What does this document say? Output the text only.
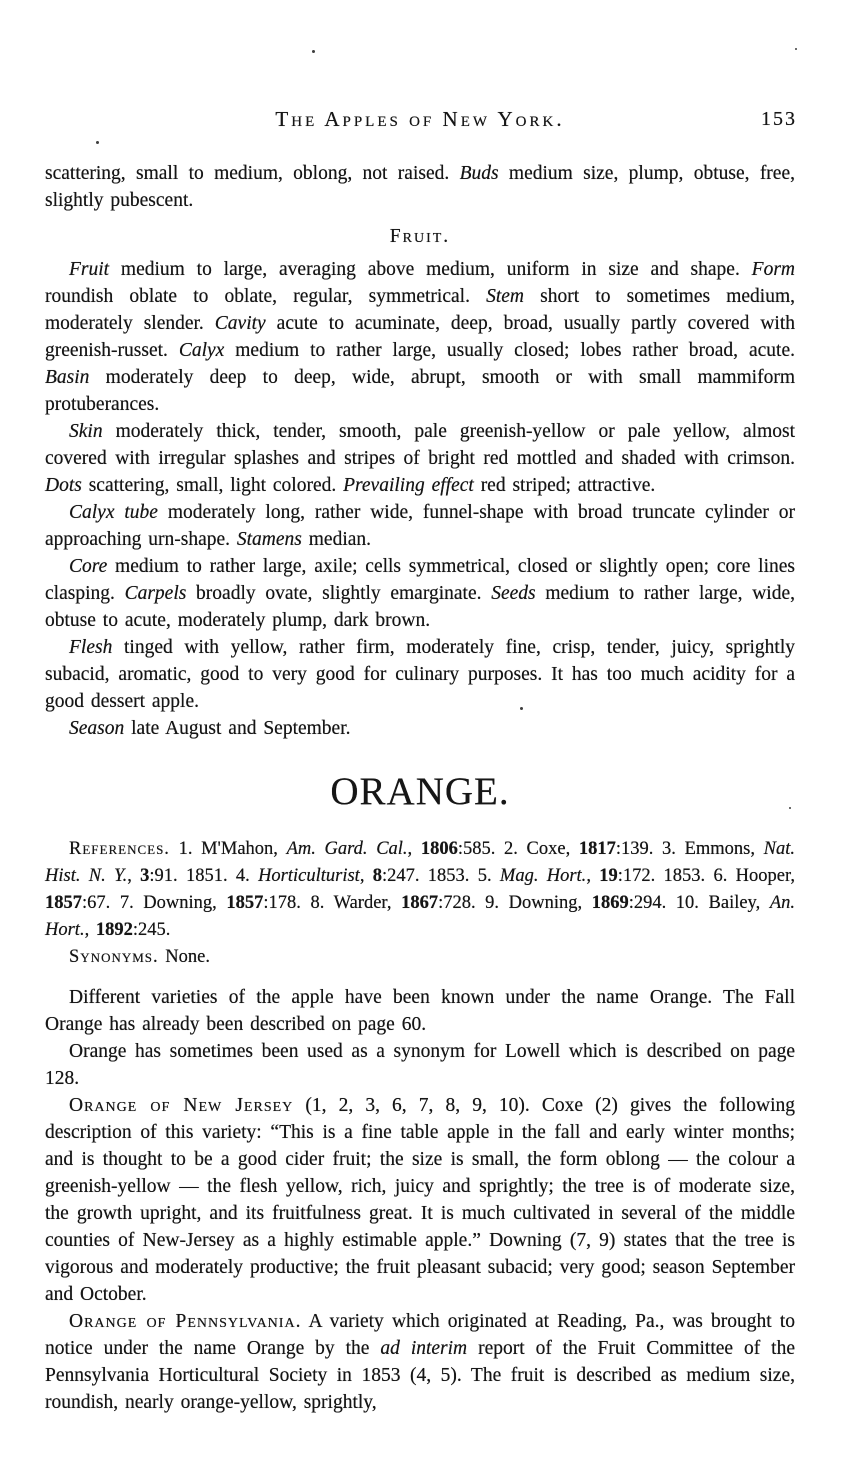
The Apples of New York.	153

scattering, small to medium, oblong, not raised. Buds medium size, plump, obtuse, free, slightly pubescent.

Fruit.

Fruit medium to large, averaging above medium, uniform in size and shape. Form roundish oblate to oblate, regular, symmetrical. Stem short to sometimes medium, moderately slender. Cavity acute to acuminate, deep, broad, usually partly covered with greenish-russet. Calyx medium to rather large, usually closed; lobes rather broad, acute. Basin moderately deep to deep, wide, abrupt, smooth or with small mammiform protuberances.

Skin moderately thick, tender, smooth, pale greenish-yellow or pale yellow, almost covered with irregular splashes and stripes of bright red mottled and shaded with crimson. Dots scattering, small, light colored. Prevailing effect red striped; attractive.

Calyx tube moderately long, rather wide, funnel-shape with broad truncate cylinder or approaching urn-shape. Stamens median.

Core medium to rather large, axile; cells symmetrical, closed or slightly open; core lines clasping. Carpels broadly ovate, slightly emarginate. Seeds medium to rather large, wide, obtuse to acute, moderately plump, dark brown.

Flesh tinged with yellow, rather firm, moderately fine, crisp, tender, juicy, sprightly subacid, aromatic, good to very good for culinary purposes. It has too much acidity for a good dessert apple.

Season late August and September.

ORANGE.

References. 1. M'Mahon, Am. Gard. Cal., 1806:585. 2. Coxe, 1817:139. 3. Emmons, Nat. Hist. N. Y., 3:91. 1851. 4. Horticulturist, 8:247. 1853. 5. Mag. Hort., 19:172. 1853. 6. Hooper, 1857:67. 7. Downing, 1857:178. 8. Warder, 1867:728. 9. Downing, 1869:294. 10. Bailey, An. Hort., 1892:245.

Synonyms. None.

Different varieties of the apple have been known under the name Orange. The Fall Orange has already been described on page 60.

Orange has sometimes been used as a synonym for Lowell which is described on page 128.

Orange of New Jersey (1, 2, 3, 6, 7, 8, 9, 10). Coxe (2) gives the following description of this variety: “This is a fine table apple in the fall and early winter months; and is thought to be a good cider fruit; the size is small, the form oblong — the colour a greenish-yellow — the flesh yellow, rich, juicy and sprightly; the tree is of moderate size, the growth upright, and its fruitfulness great. It is much cultivated in several of the middle counties of New-Jersey as a highly estimable apple.” Downing (7, 9) states that the tree is vigorous and moderately productive; the fruit pleasant subacid; very good; season September and October.

Orange of Pennsylvania. A variety which originated at Reading, Pa., was brought to notice under the name Orange by the ad interim report of the Fruit Committee of the Pennsylvania Horticultural Society in 1853 (4, 5). The fruit is described as medium size, roundish, nearly orange-yellow, sprightly,
